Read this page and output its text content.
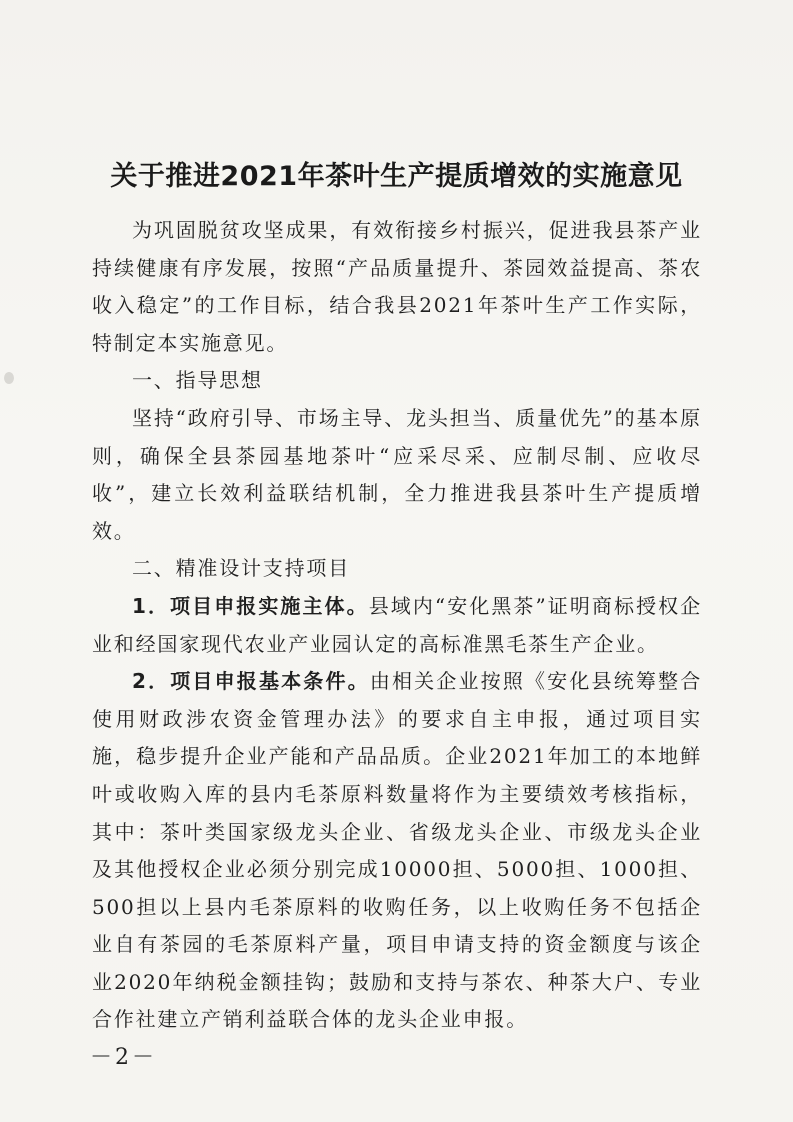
关于推进2021年茶叶生产提质增效的实施意见

为巩固脱贫攻坚成果，有效衔接乡村振兴，促进我县茶产业持续健康有序发展，按照“产品质量提升、茶园效益提高、茶农收入稳定”的工作目标，结合我县2021年茶叶生产工作实际，特制定本实施意见。

一、指导思想

坚持“政府引导、市场主导、龙头担当、质量优先”的基本原则，确保全县茶园基地茶叶“应采尽采、应制尽制、应收尽收”，建立长效利益联结机制，全力推进我县茶叶生产提质增效。

二、精准设计支持项目

1．项目申报实施主体。县域内“安化黑茶”证明商标授权企业和经国家现代农业产业园认定的高标准黑毛茶生产企业。

2．项目申报基本条件。由相关企业按照《安化县统筹整合使用财政涉农资金管理办法》的要求自主申报，通过项目实施，稳步提升企业产能和产品品质。企业2021年加工的本地鲜叶或收购入库的县内毛茶原料数量将作为主要绩效考核指标，其中：茶叶类国家级龙头企业、省级龙头企业、市级龙头企业及其他授权企业必须分别完成10000担、5000担、1000担、500担以上县内毛茶原料的收购任务，以上收购任务不包括企业自有茶园的毛茶原料产量，项目申请支持的资金额度与该企业2020年纳税金额挂钩；鼓励和支持与茶农、种茶大户、专业合作社建立产销利益联合体的龙头企业申报。

－2－
